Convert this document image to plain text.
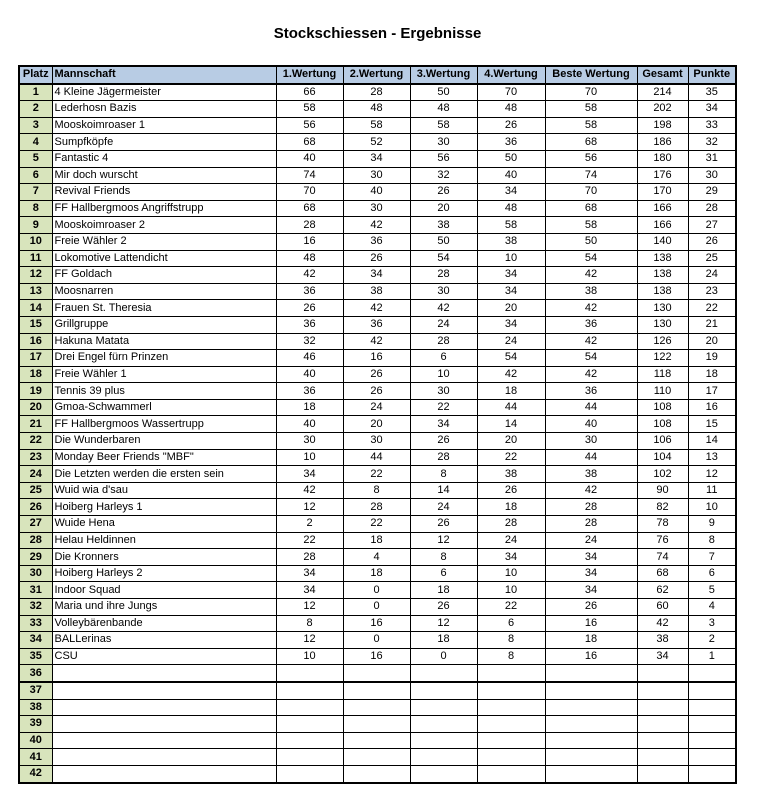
Stockschiessen - Ergebnisse
Platz	Mannschaft	1.Wertung	2.Wertung	3.Wertung	4.Wertung	Beste Wertung	Gesamt	Punkte
1	4 Kleine Jägermeister	66	28	50	70	70	214	35
2	Lederhosn Bazis	58	48	48	48	58	202	34
3	Mooskoimroaser 1	56	58	58	26	58	198	33
4	Sumpfköpfe	68	52	30	36	68	186	32
5	Fantastic 4	40	34	56	50	56	180	31
6	Mir doch wurscht	74	30	32	40	74	176	30
7	Revival Friends	70	40	26	34	70	170	29
8	FF Hallbergmoos Angriffstrupp	68	30	20	48	68	166	28
9	Mooskoimroaser 2	28	42	38	58	58	166	27
10	Freie Wähler 2	16	36	50	38	50	140	26
11	Lokomotive Lattendicht	48	26	54	10	54	138	25
12	FF Goldach	42	34	28	34	42	138	24
13	Moosnarren	36	38	30	34	38	138	23
14	Frauen St. Theresia	26	42	42	20	42	130	22
15	Grillgruppe	36	36	24	34	36	130	21
16	Hakuna Matata	32	42	28	24	42	126	20
17	Drei Engel fürn Prinzen	46	16	6	54	54	122	19
18	Freie Wähler 1	40	26	10	42	42	118	18
19	Tennis 39 plus	36	26	30	18	36	110	17
20	Gmoa-Schwammerl	18	24	22	44	44	108	16
21	FF Hallbergmoos Wassertrupp	40	20	34	14	40	108	15
22	Die Wunderbaren	30	30	26	20	30	106	14
23	Monday Beer Friends "MBF"	10	44	28	22	44	104	13
24	Die Letzten werden die ersten sein	34	22	8	38	38	102	12
25	Wuid wia d'sau	42	8	14	26	42	90	11
26	Hoiberg Harleys 1	12	28	24	18	28	82	10
27	Wuide Hena	2	22	26	28	28	78	9
28	Helau Heldinnen	22	18	12	24	24	76	8
29	Die Kronners	28	4	8	34	34	74	7
30	Hoiberg Harleys 2	34	18	6	10	34	68	6
31	Indoor Squad	34	0	18	10	34	62	5
32	Maria und ihre Jungs	12	0	26	22	26	60	4
33	Volleybärenbande	8	16	12	6	16	42	3
34	BALLerinas	12	0	18	8	18	38	2
35	CSU	10	16	0	8	16	34	1
36								
37								
38								
39								
40								
41								
42								
